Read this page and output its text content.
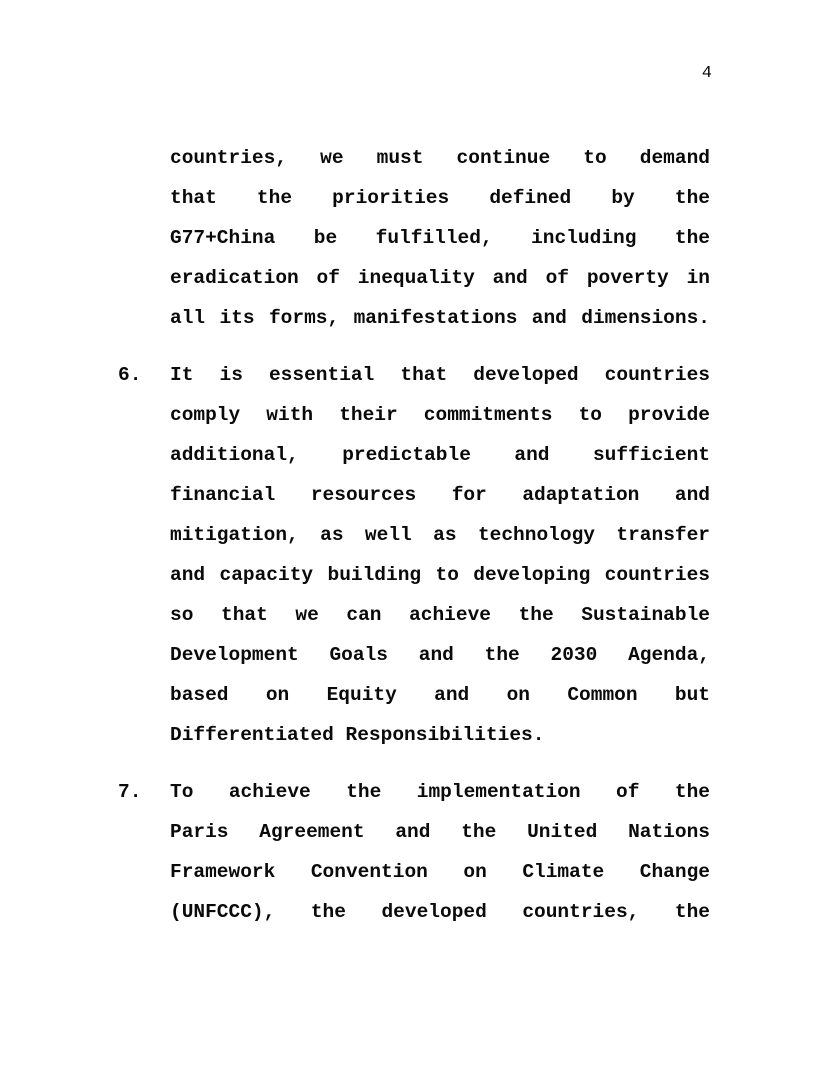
4
countries, we must continue to demand
that the priorities defined by the
G77+China be fulfilled, including the
eradication of inequality and of poverty in
all its forms, manifestations and dimensions.
6.	It is essential that developed countries
comply with their commitments to provide
additional, predictable and sufficient
financial resources for adaptation and
mitigation, as well as technology transfer
and capacity building to developing countries
so that we can achieve the Sustainable
Development Goals and the 2030 Agenda,
based on Equity and on Common but
Differentiated Responsibilities.
7.	To achieve the implementation of the
Paris Agreement and the United Nations
Framework Convention on Climate Change
(UNFCCC), the developed countries, the
